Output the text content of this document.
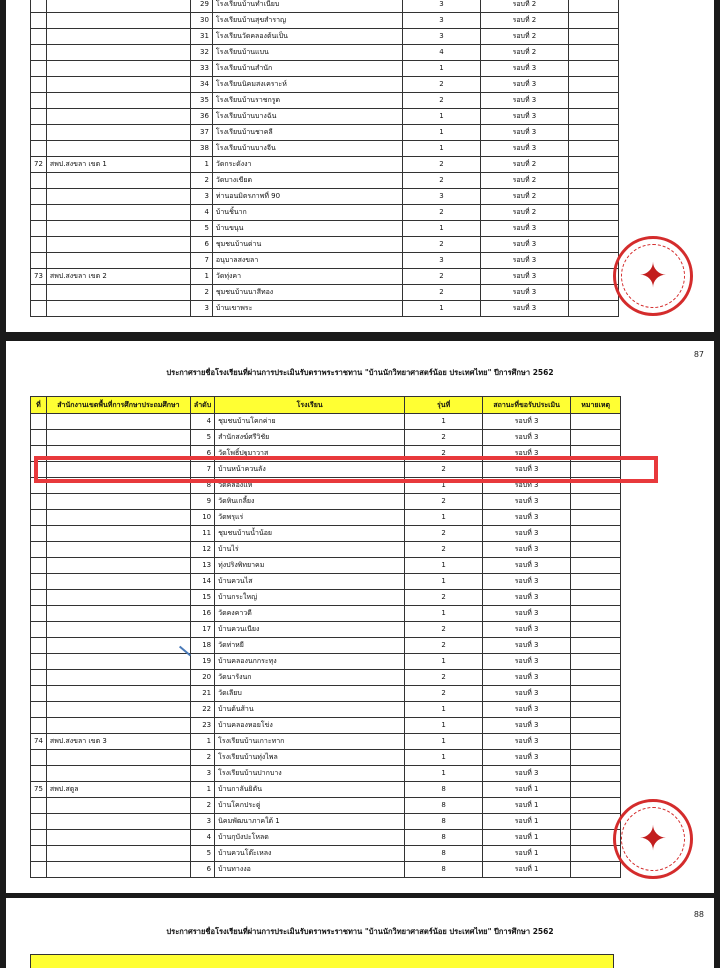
		29	โรงเรียนบ้านทำเนียบ	3	รอบที่ 2	
		30	โรงเรียนบ้านสุขสำราญ	3	รอบที่ 2	
		31	โรงเรียนวัดคลองต้นเป็น	3	รอบที่ 2	
		32	โรงเรียนบ้านแบน	4	รอบที่ 2	
		33	โรงเรียนบ้านสำนัก	1	รอบที่ 3	
		34	โรงเรียนนิคมสงเคราะห์	2	รอบที่ 3	
		35	โรงเรียนบ้านราชกรูด	2	รอบที่ 3	
		36	โรงเรียนบ้านบางฉัน	1	รอบที่ 3	
		37	โรงเรียนบ้านชาคลี	1	รอบที่ 3	
		38	โรงเรียนบ้านบางจีน	1	รอบที่ 3	
72	สพป.สงขลา เขต 1	1	วัดกระดังงา	2	รอบที่ 2	
		2	วัดบางเขียด	2	รอบที่ 2	
		3	ท่านอนมิตรภาพที่ 90	3	รอบที่ 2	
		4	บ้านชิ้นาก	2	รอบที่ 2	
		5	บ้านขนุน	1	รอบที่ 3	
		6	ชุมชนบ้านด่าน	2	รอบที่ 3	
		7	อนุบาลสงขลา	3	รอบที่ 3	
73	สพป.สงขลา เขต 2	1	วัดทุ่งคา	2	รอบที่ 3	
		2	ชุมชนบ้านนาสีทอง	2	รอบที่ 3	
		3	บ้านเขาพระ	1	รอบที่ 3	
✦
87
ประกาศรายชื่อโรงเรียนที่ผ่านการประเมินรับตราพระราชทาน "บ้านนักวิทยาศาสตร์น้อย ประเทศไทย" ปีการศึกษา 2562
ที่	สำนักงานเขตพื้นที่การศึกษาประถมศึกษา	ลำดับ	โรงเรียน	รุ่นที่	สถานะที่ขอรับประเมิน	หมายเหตุ
		4	ชุมชนบ้านโคกค่าย	1	รอบที่ 3	
		5	สำนักสงฆ์ศรีวิชัย	2	รอบที่ 3	
		6	วัดโพธิ์ปฐมาวาส	2	รอบที่ 3	
		7	บ้านหน้าควนลัง	2	รอบที่ 3	
		8	วัดคลองแห	1	รอบที่ 3	
		9	วัดหินเกลี้ยง	2	รอบที่ 3	
		10	วัดพรุแร่	1	รอบที่ 3	
		11	ชุมชนบ้านน้ำน้อย	2	รอบที่ 3	
		12	บ้านไร่	2	รอบที่ 3	
		13	ทุ่งปริงพิทยาคม	1	รอบที่ 3	
		14	บ้านควนไส	1	รอบที่ 3	
		15	บ้านกระใหญ่	2	รอบที่ 3	
		16	วัดคงคาวดี	1	รอบที่ 3	
		17	บ้านควนเนียง	2	รอบที่ 3	
		18	วัดท่าหยี	2	รอบที่ 3	
		19	บ้านคลองนกกระทุง	1	รอบที่ 3	
		20	วัดนารังนก	2	รอบที่ 3	
		21	วัดเลียบ	2	รอบที่ 3	
		22	บ้านต้นส้าน	1	รอบที่ 3	
		23	บ้านคลองหอยโข่ง	1	รอบที่ 3	
74	สพป.สงขลา เขต 3	1	โรงเรียนบ้านเกาะทาก	1	รอบที่ 3	
		2	โรงเรียนบ้านทุ่งไพล	1	รอบที่ 3	
		3	โรงเรียนบ้านปากบาง	1	รอบที่ 3	
75	สพป.สตูล	1	บ้านกาลันยิตัน	8	รอบที่ 1	
		2	บ้านโคกประดู่	8	รอบที่ 1	
		3	นิคมพัฒนาภาคใต้ 1	8	รอบที่ 1	
		4	บ้านกุบังปะโหลด	8	รอบที่ 1	
		5	บ้านควนโต๊ะเหลง	8	รอบที่ 1	
		6	บ้านทางงอ	8	รอบที่ 1	
✦
88
ประกาศรายชื่อโรงเรียนที่ผ่านการประเมินรับตราพระราชทาน "บ้านนักวิทยาศาสตร์น้อย ประเทศไทย" ปีการศึกษา 2562
